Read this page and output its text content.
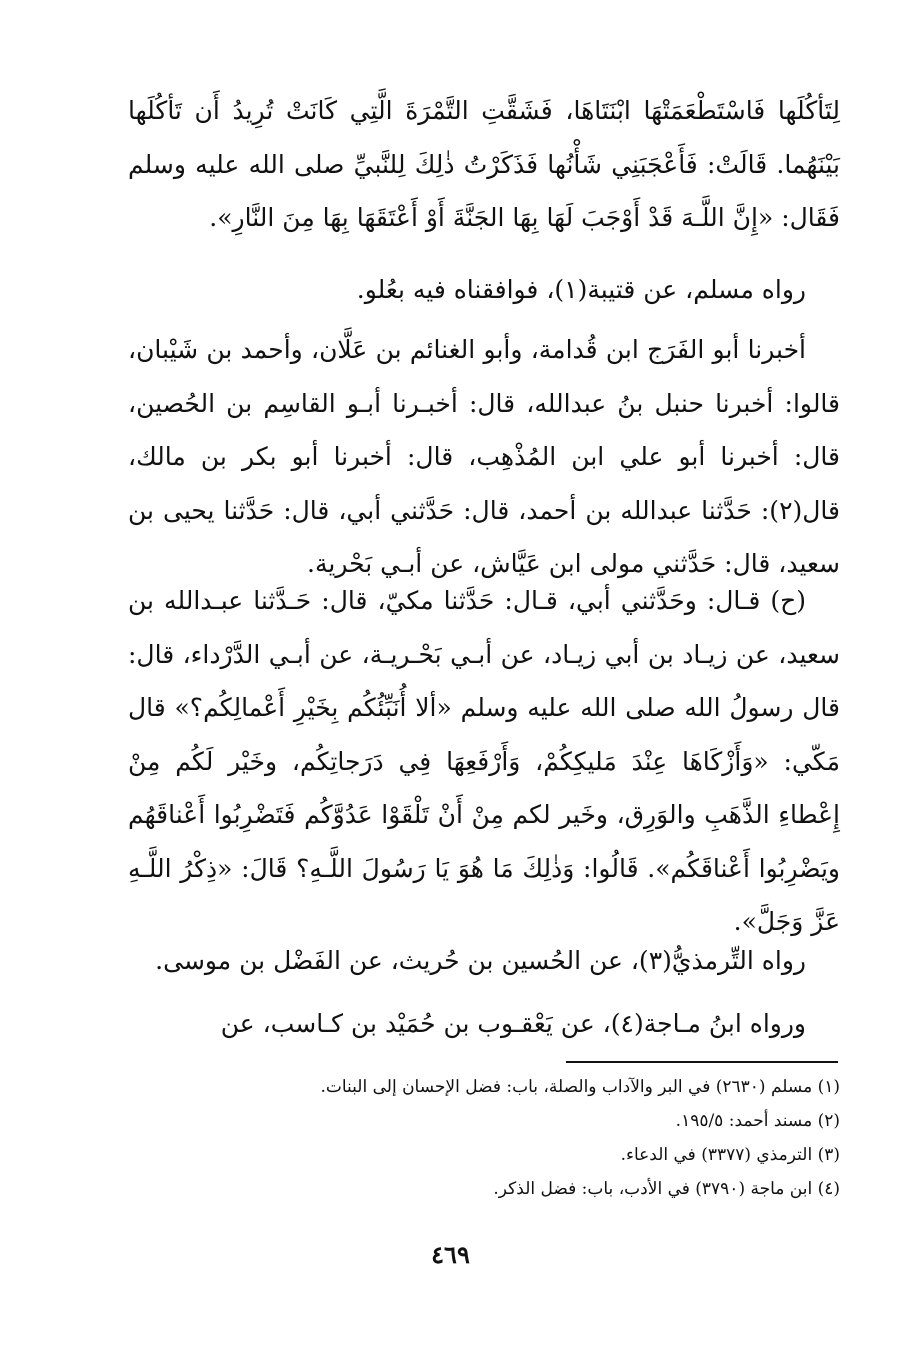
لِتَأكُلَها فَاسْتَطْعَمَتْهَا ابْنَتَاهَا، فَشَقَّتِ التَّمْرَةَ الَّتِي كَانَتْ تُرِيدُ أَن تَأكُلَها بَيْنَهُما. قَالَتْ: فَأَعْجَبَنِي شَأْنُها فَذَكَرْتُ ذٰلِكَ لِلنَّبيِّ صلى الله عليه وسلم فَقَال: «إِنَّ اللَّـهَ قَدْ أَوْجَبَ لَهَا بِهَا الجَنَّةَ أَوْ أَعْتَقَهَا بِهَا مِنَ النَّارِ».

رواه مسلم، عن قتيبة(١)، فوافقناه فيه بعُلو.

أخبرنا أبو الفَرَج ابن قُدامة، وأبو الغنائم بن عَلَّان، وأحمد بن شَيْبان، قالوا: أخبرنا حنبل بنُ عبدالله، قال: أخبـرنا أبـو القاسِم بن الحُصين، قال: أخبرنا أبو علي ابن المُذْهِب، قال: أخبرنا أبو بكر بن مالك، قال(٢): حَدَّثنا عبدالله بن أحمد، قال: حَدَّثني أبي، قال: حَدَّثنا يحيى بن سعيد، قال: حَدَّثني مولى ابن عَيَّاش، عن أبـي بَحْرية.

(ح) قـال: وحَدَّثني أبي، قـال: حَدَّثنا مكيّ، قال: حَـدَّثنا عبـدالله بن سعيد، عن زيـاد بن أبي زيـاد، عن أبـي بَحْـريـة، عن أبـي الدَّرْداء، قال: قال رسولُ الله صلى الله عليه وسلم «ألا أُنَبِّئُكُم بِخَيْرِ أَعْمالِكُم؟» قال مَكّي: «وَأَزْكَاهَا عِنْدَ مَليكِكُمْ، وَأَرْفَعِهَا فِي دَرَجاتِكُم، وخَيْر لَكُم مِنْ إِعْطاءِ الذَّهَبِ والوَرِق، وخَير لكم مِنْ أَنْ تَلْقَوْا عَدُوَّكُم فَتَضْرِبُوا أَعْناقَهُم ويَضْرِبُوا أَعْناقَكُم». قَالُوا: وَذٰلِكَ مَا هُوَ يَا رَسُولَ اللَّـهِ؟ قَالَ: «ذِكْرُ اللَّـهِ عَزَّ وَجَلَّ».

رواه التِّرمذيُّ(٣)، عن الحُسين بن حُريث، عن الفَضْل بن موسى.

ورواه ابنُ مـاجة(٤)، عن يَعْقـوب بن حُمَيْد بن كـاسب، عن

(١) مسلم (٢٦٣٠) في البر والآداب والصلة، باب: فضل الإحسان إلى البنات.
(٢) مسند أحمد: ١٩٥/٥.
(٣) الترمذي (٣٣٧٧) في الدعاء.
(٤) ابن ماجة (٣٧٩٠) في الأدب، باب: فضل الذكر.
٤٦٩
